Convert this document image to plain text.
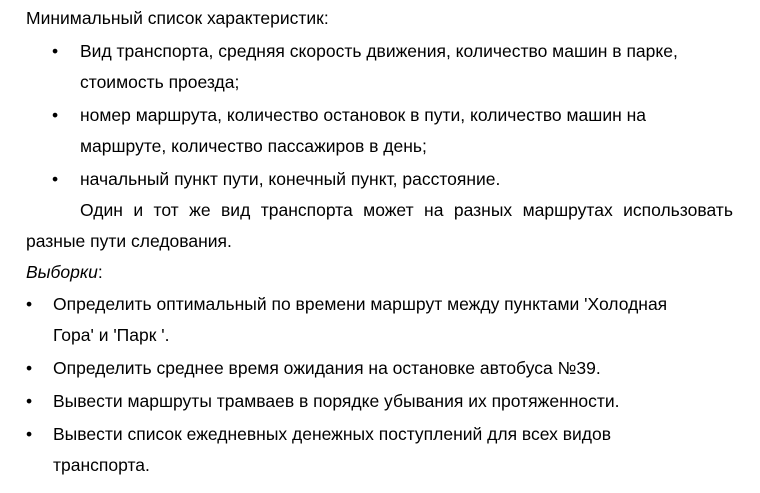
Минимальный список характеристик:
• Вид транспорта, средняя скорость движения, количество машин в парке,
стоимость проезда;
• номер маршрута, количество остановок в пути, количество машин на
маршруте, количество пассажиров в день;
• начальный пункт пути, конечный пункт, расстояние.
Один и тот же вид транспорта может на разных маршрутах использовать
разные пути следования.
Выборки:
• Определить оптимальный по времени маршрут между пунктами 'Холодная
Гора' и 'Парк '.
• Определить среднее время ожидания на остановке автобуса №39.
• Вывести маршруты трамваев в порядке убывания их протяженности.
• Вывести список ежедневных денежных поступлений для всех видов
транспорта.
